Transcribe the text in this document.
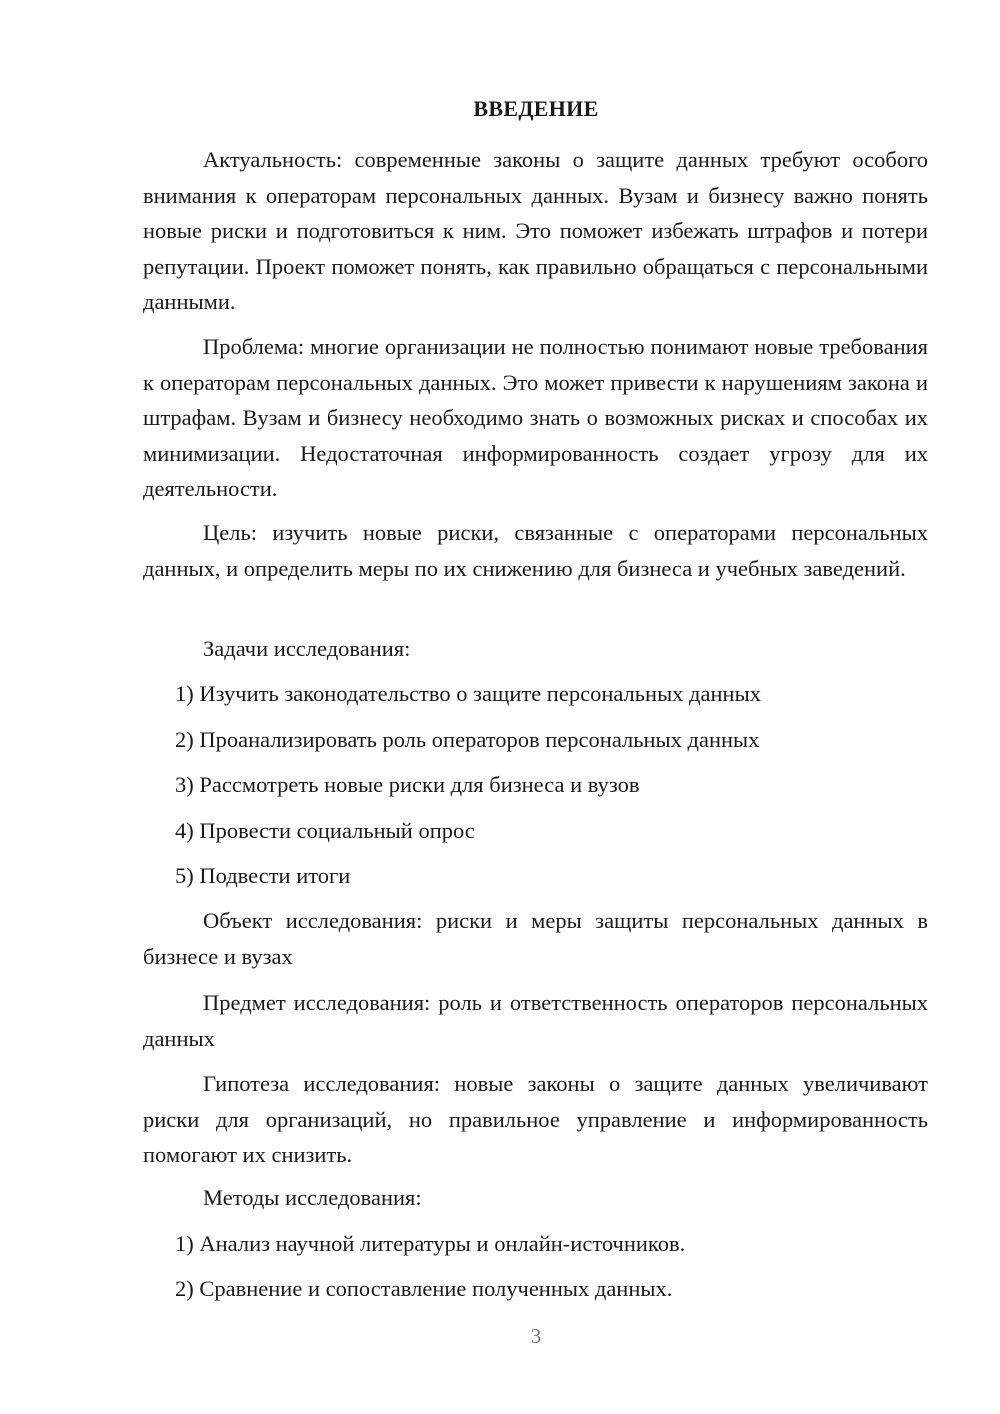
ВВЕДЕНИЕ
Актуальность: современные законы о защите данных требуют особого внимания к операторам персональных данных. Вузам и бизнесу важно понять новые риски и подготовиться к ним. Это поможет избежать штрафов и потери репутации. Проект поможет понять, как правильно обращаться с персональными данными.
Проблема: многие организации не полностью понимают новые требования к операторам персональных данных. Это может привести к нарушениям закона и штрафам. Вузам и бизнесу необходимо знать о возможных рисках и способах их минимизации. Недостаточная информированность создает угрозу для их деятельности.
Цель: изучить новые риски, связанные с операторами персональных данных, и определить меры по их снижению для бизнеса и учебных заведений.
Задачи исследования:
1) Изучить законодательство о защите персональных данных
2) Проанализировать роль операторов персональных данных
3) Рассмотреть новые риски для бизнеса и вузов
4) Провести социальный опрос
5) Подвести итоги
Объект исследования: риски и меры защиты персональных данных в бизнесе и вузах
Предмет исследования: роль и ответственность операторов персональных данных
Гипотеза исследования: новые законы о защите данных увеличивают риски для организаций, но правильное управление и информированность помогают их снизить.
Методы исследования:
1) Анализ научной литературы и онлайн-источников.
2) Сравнение и сопоставление полученных данных.
3
